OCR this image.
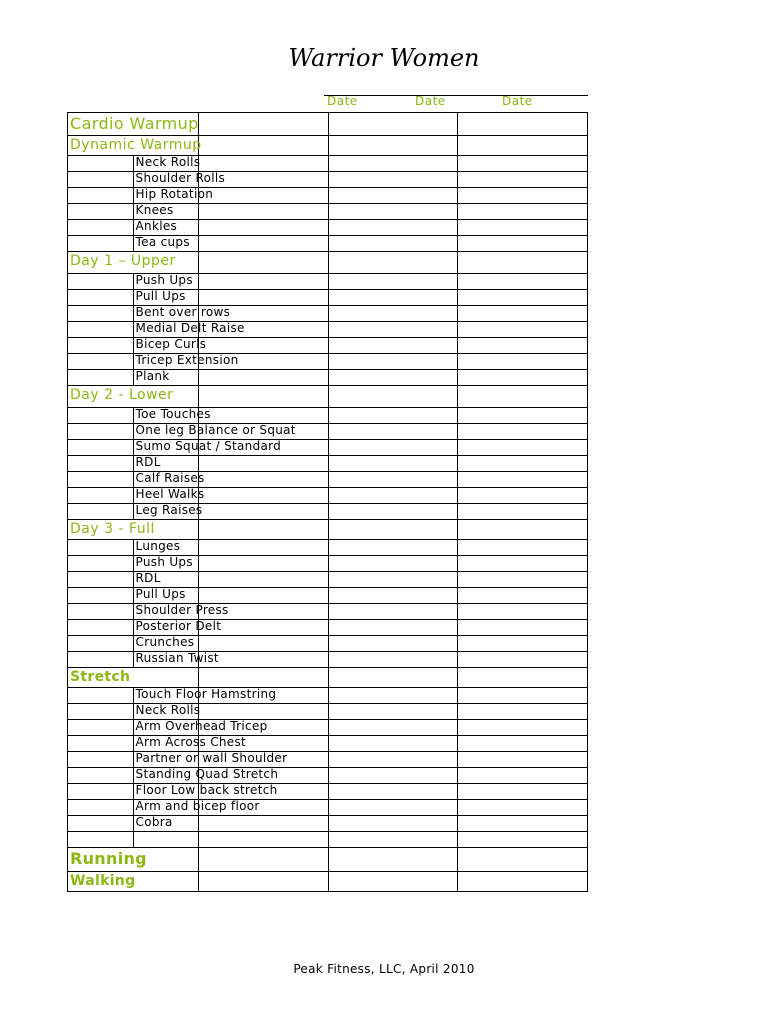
Warrior Women
Date	Date	Date
Cardio Warmup				
Dynamic Warmup				
	Neck Rolls			
	Shoulder Rolls			
	Hip Rotation			
	Knees			
	Ankles			
	Tea cups			
Day 1 – Upper				
	Push Ups			
	Pull Ups			
	Bent over rows			
	Medial Delt Raise			
	Bicep Curls			
	Tricep Extension			
	Plank			
Day 2 - Lower				
	Toe Touches			
	One leg Balance or Squat			
	Sumo Squat / Standard			
	RDL			
	Calf Raises			
	Heel Walks			
	Leg Raises			
Day 3 - Full				
	Lunges			
	Push Ups			
	RDL			
	Pull Ups			
	Shoulder Press			
	Posterior Delt			
	Crunches			
	Russian Twist			
Stretch				
	Touch Floor Hamstring			
	Neck Rolls			
	Arm Overhead Tricep			
	Arm Across Chest			
	Partner or wall Shoulder			
	Standing Quad Stretch			
	Floor Low back stretch			
	Arm and bicep floor			
	Cobra			

Running				
Walking				
Peak Fitness, LLC, April 2010
